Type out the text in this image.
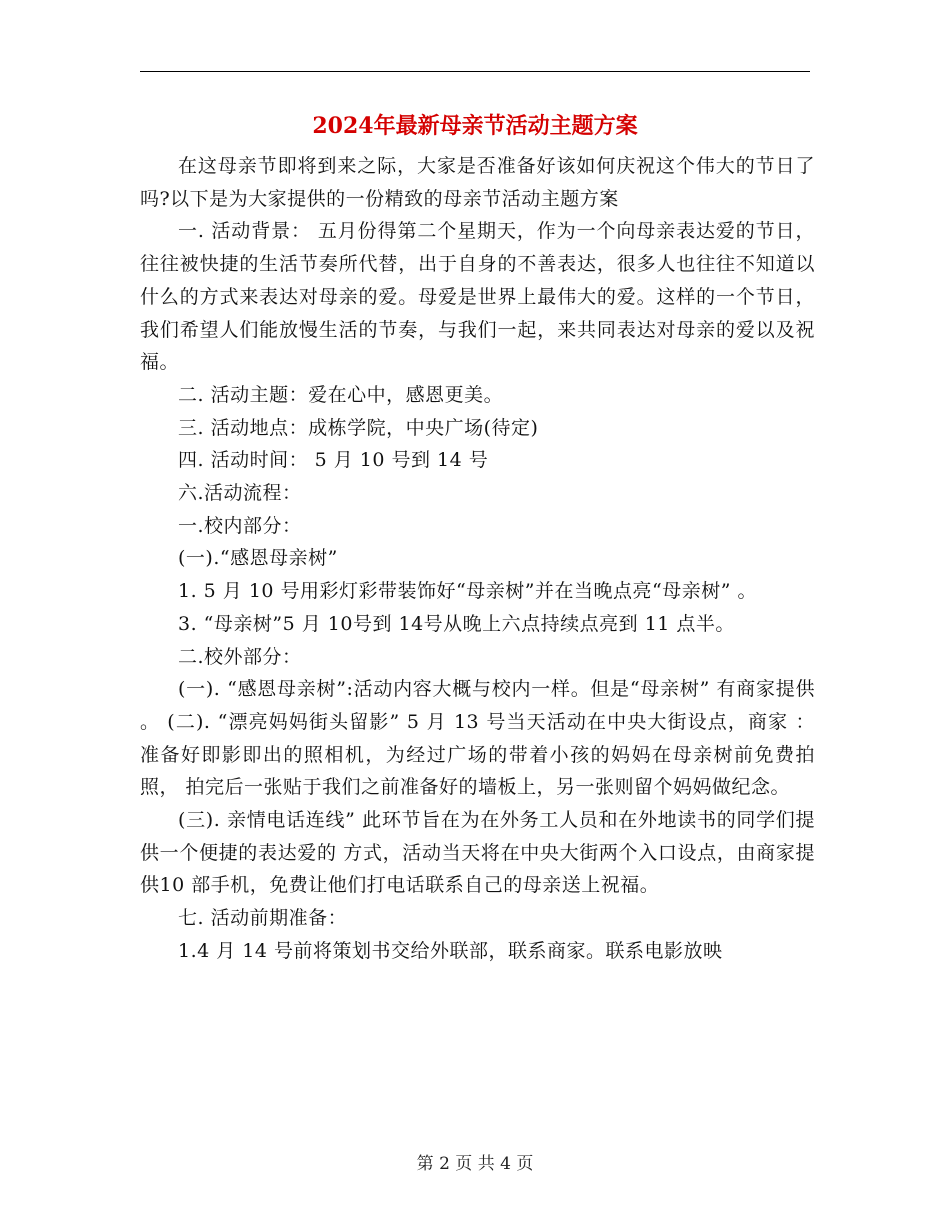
2024年最新母亲节活动主题方案

在这母亲节即将到来之际，大家是否准备好该如何庆祝这个伟大的节日了吗?以下是为大家提供的一份精致的母亲节活动主题方案

一. 活动背景： 五月份得第二个星期天，作为一个向母亲表达爱的节日，往往被快捷的生活节奏所代替，出于自身的不善表达，很多人也往往不知道以 什么的方式来表达对母亲的爱。母爱是世界上最伟大的爱。这样的一个节日， 我们希望人们能放慢生活的节奏，与我们一起，来共同表达对母亲的爱以及祝福。

二. 活动主题：爱在心中，感恩更美。

三. 活动地点：成栋学院，中央广场(待定)

四. 活动时间： 5 月 10 号到 14 号

六.活动流程：

一.校内部分：

(一).“感恩母亲树”

1. 5 月 10 号用彩灯彩带装饰好“母亲树”并在当晚点亮“母亲树” 。

3. “母亲树”5 月 10号到 14号从晚上六点持续点亮到 11 点半。

二.校外部分：

(一). “感恩母亲树”:活动内容大概与校内一样。但是“母亲树” 有商家提供 。 (二). “漂亮妈妈街头留影” 5 月 13 号当天活动在中央大街设点，商家 ： 准备好即影即出的照相机，为经过广场的带着小孩的妈妈在母亲树前免费拍照， 拍完后一张贴于我们之前准备好的墙板上，另一张则留个妈妈做纪念。

(三). 亲情电话连线” 此环节旨在为在外务工人员和在外地读书的同学们提供一个便捷的表达爱的 方式，活动当天将在中央大街两个入口设点，由商家提供10 部手机，免费让他们打电话联系自己的母亲送上祝福。

七. 活动前期准备：

1.4 月 14 号前将策划书交给外联部，联系商家。联系电影放映

第 2 页 共 4 页
